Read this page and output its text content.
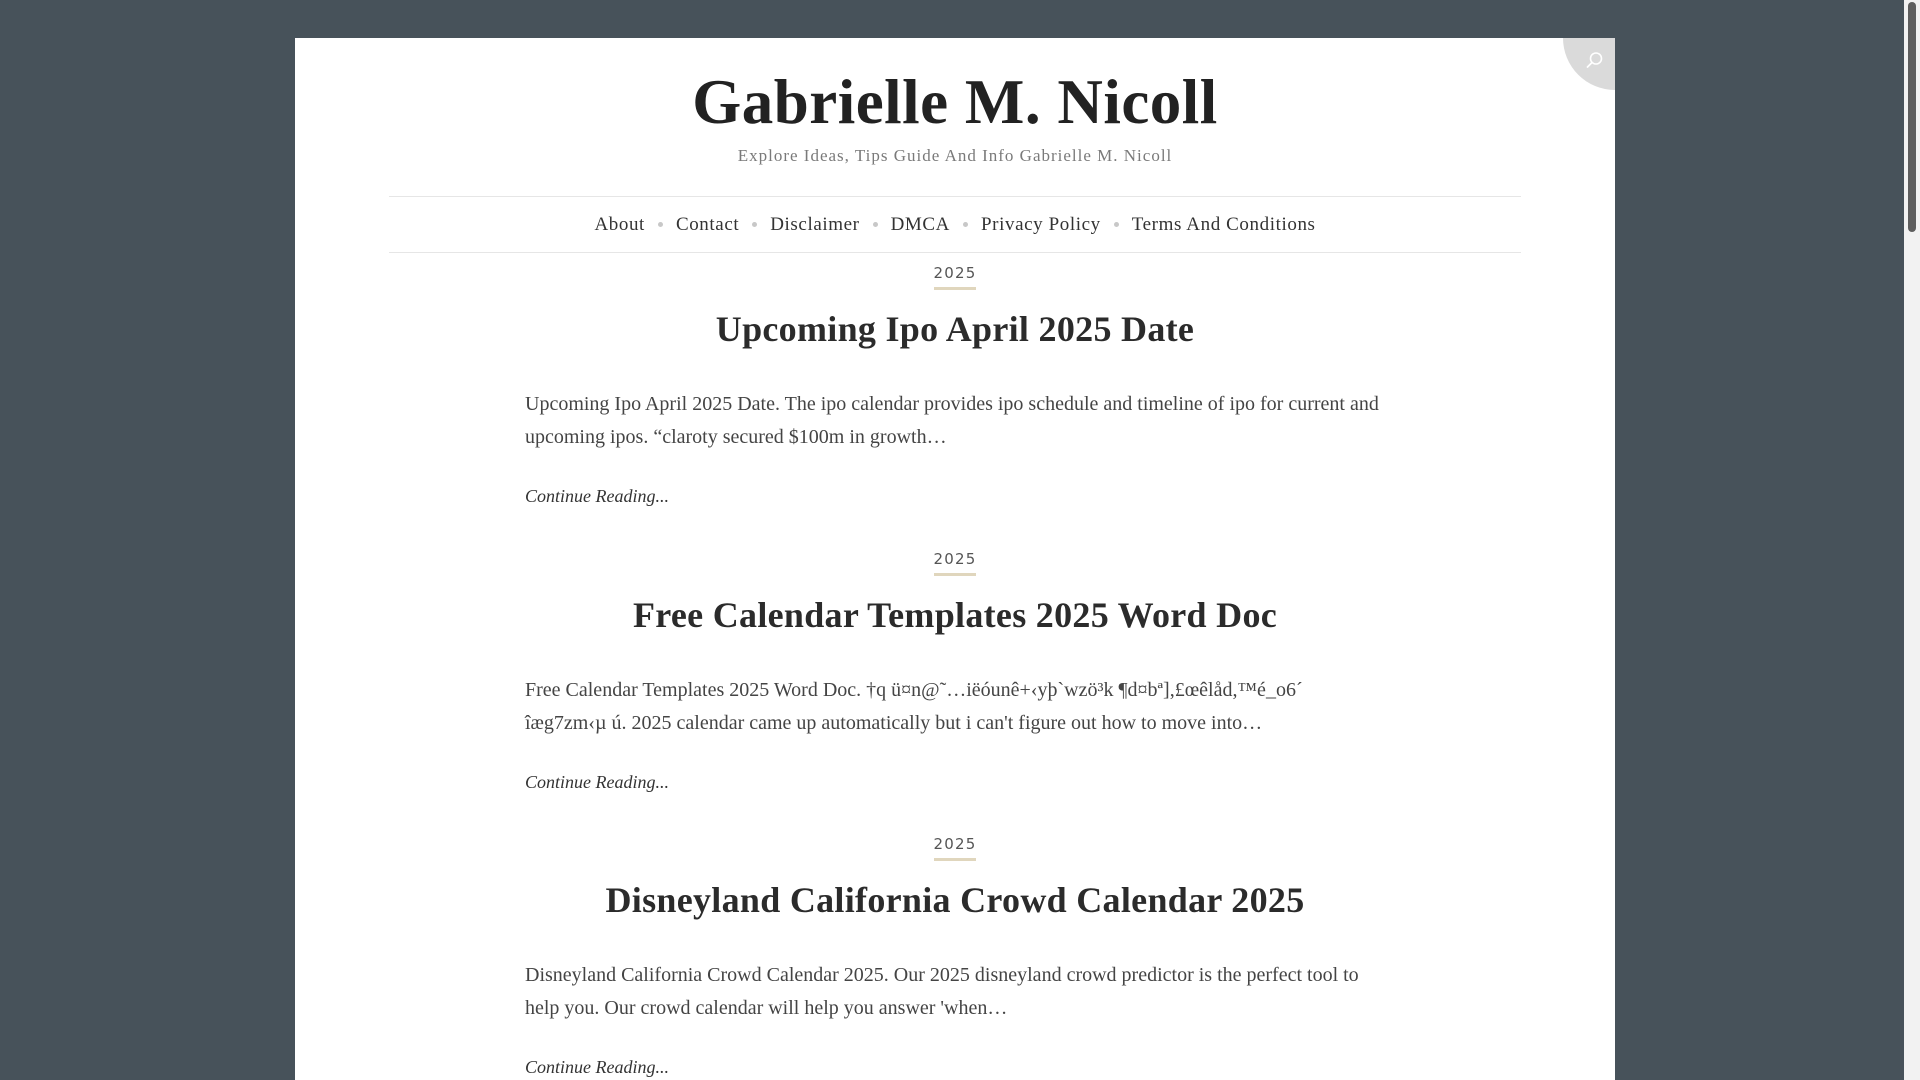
Gabrielle M. Nicoll
Explore Ideas, Tips Guide And Info Gabrielle M. Nicoll
About Contact Disclaimer DMCA Privacy Policy Terms And Conditions
2025
Upcoming Ipo April 2025 Date

Upcoming Ipo April 2025 Date. The ipo calendar provides ipo schedule and timeline of ipo for current and upcoming ipos. “claroty secured $100m in growth…

Continue Reading...
2025
Free Calendar Templates 2025 Word Doc

Free Calendar Templates 2025 Word Doc. †q ü¤n@˜…iëóunê+‹yþ`wzö³k ¶d¤bª],£œêlåd,™é_o6´ îæg7zm‹µ ú. 2025 calendar came up automatically but i can't figure out how to move into…

Continue Reading...
2025
Disneyland California Crowd Calendar 2025

Disneyland California Crowd Calendar 2025. Our 2025 disneyland crowd predictor is the perfect tool to help you. Our crowd calendar will help you answer 'when…

Continue Reading...
